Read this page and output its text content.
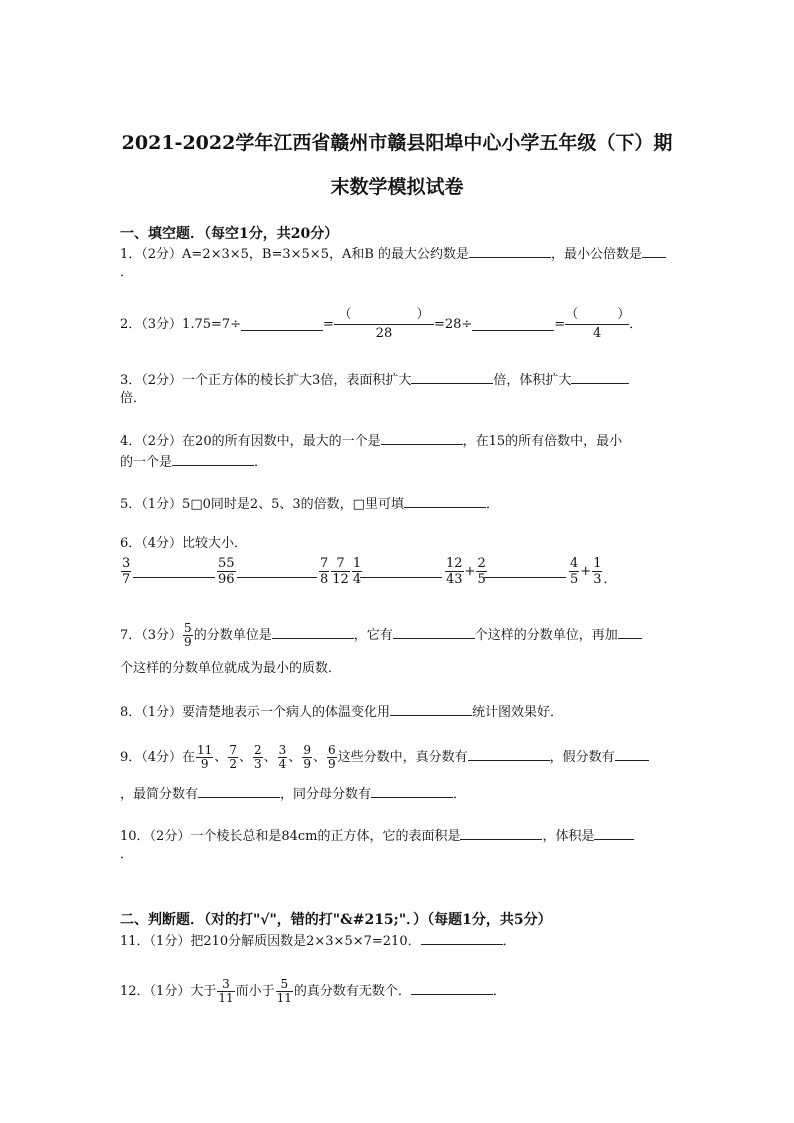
2021-2022学年江西省赣州市赣县阳埠中心小学五年级（下）期
末数学模拟试卷
一、填空题．（每空1分，共20分）
1．（2分）A=2×3×5，B=3×5×5，A和B 的最大公约数是	，最小公倍数是
．
2．（3分）1.75=7÷	=
（　　　　　）
28
=28÷	=
（　　　）
4
．
3．（2分）一个正方体的棱长扩大3倍，表面积扩大	倍，体积扩大
倍．
4．（2分）在20的所有因数中，最大的一个是	，在15的所有倍数中，最小
的一个是	．
5．（1分）5□0同时是2、5、3的倍数，□里可填	．
6．（4分）比较大小．
$\frac{3}{7}$	$\frac{55}{96}$	$\frac{7}{8} \frac{7}{12} \frac{1}{4}$	$\frac{12}{43} + \frac{2}{5}$	$\frac{4}{5} + \frac{1}{3}$ ．
7．（3分） $\frac{5}{9}$ 的分数单位是	，它有	个这样的分数单位，再加
个这样的分数单位就成为最小的质数．
8．（1分）要清楚地表示一个病人的体温变化用	统计图效果好．
9．（4分）在 $\frac{11}{9}$ 、 $\frac{7}{2}$ 、 $\frac{2}{3}$ 、 $\frac{3}{4}$ 、 $\frac{9}{9}$ 、 $\frac{6}{9}$ 这些分数中，真分数有	，假分数有
，最简分数有	，同分母分数有	．
10．（2分）一个棱长总和是84cm的正方体，它的表面积是	，体积是
．
二、判断题．（对的打"√"，错的打"&#215;"．）（每题1分，共5分）
11．（1分）把210分解质因数是2×3×5×7=210．	．
12．（1分）大于 $\frac{3}{11}$ 而小于 $\frac{5}{11}$ 的真分数有无数个．	．
